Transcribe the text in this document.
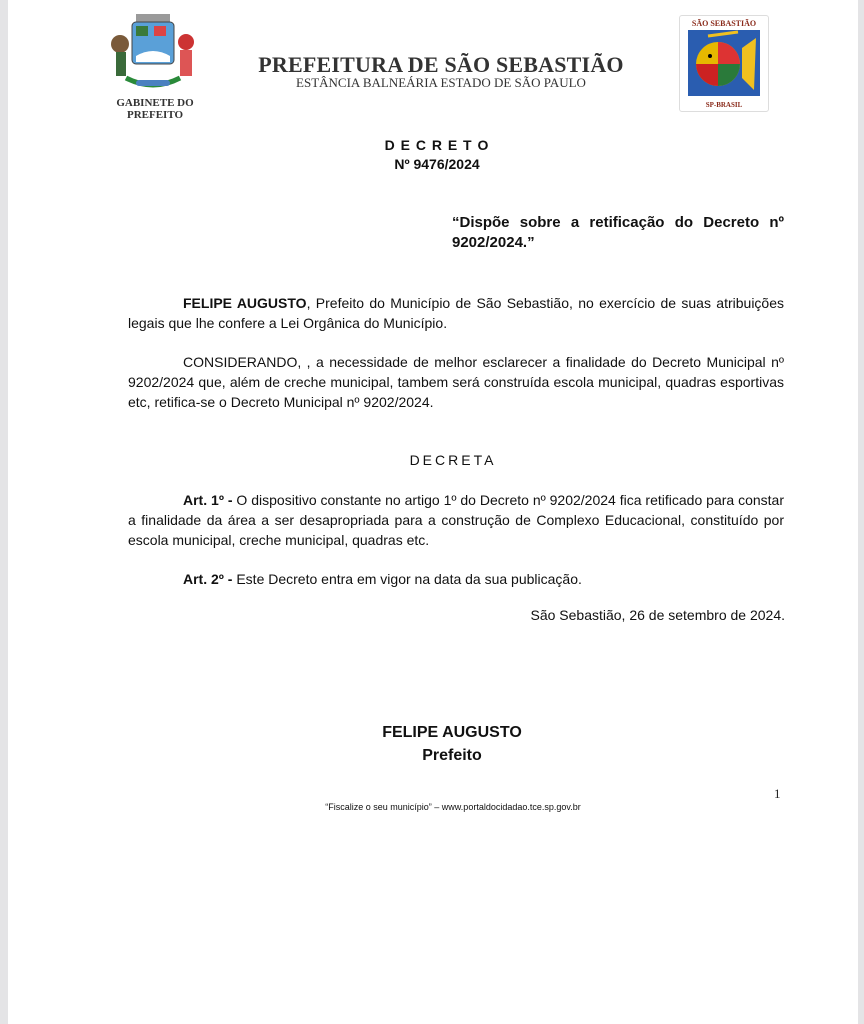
GABINETE DO
PREFEITO
PREFEITURA DE SÃO SEBASTIÃO
ESTÂNCIA BALNEÁRIA ESTADO DE SÃO PAULO
SÃO SEBASTIÃO
SP-BRASIL
D E C R E T O
Nº 9476/2024
“Dispõe sobre a retificação do Decreto nº 9202/2024.”
FELIPE AUGUSTO, Prefeito do Município de São Sebastião, no exercício de suas atribuições legais que lhe confere a Lei Orgânica do Município.
CONSIDERANDO, , a necessidade de melhor esclarecer a finalidade do Decreto Municipal nº 9202/2024 que, além de creche municipal, tambem será construída escola municipal, quadras esportivas etc, retifica-se o Decreto Municipal nº 9202/2024.
DECRETA
Art. 1º - O dispositivo constante no artigo 1º do Decreto nº 9202/2024 fica retificado para constar a finalidade da área a ser desapropriada para a construção de Complexo Educacional, constituído por escola municipal, creche municipal, quadras etc.
Art. 2º - Este Decreto entra em vigor na data da sua publicação.
São Sebastião, 26 de setembro de 2024.
FELIPE AUGUSTO
Prefeito
1
“Fiscalize o seu município” – www.portaldocidadao.tce.sp.gov.br
